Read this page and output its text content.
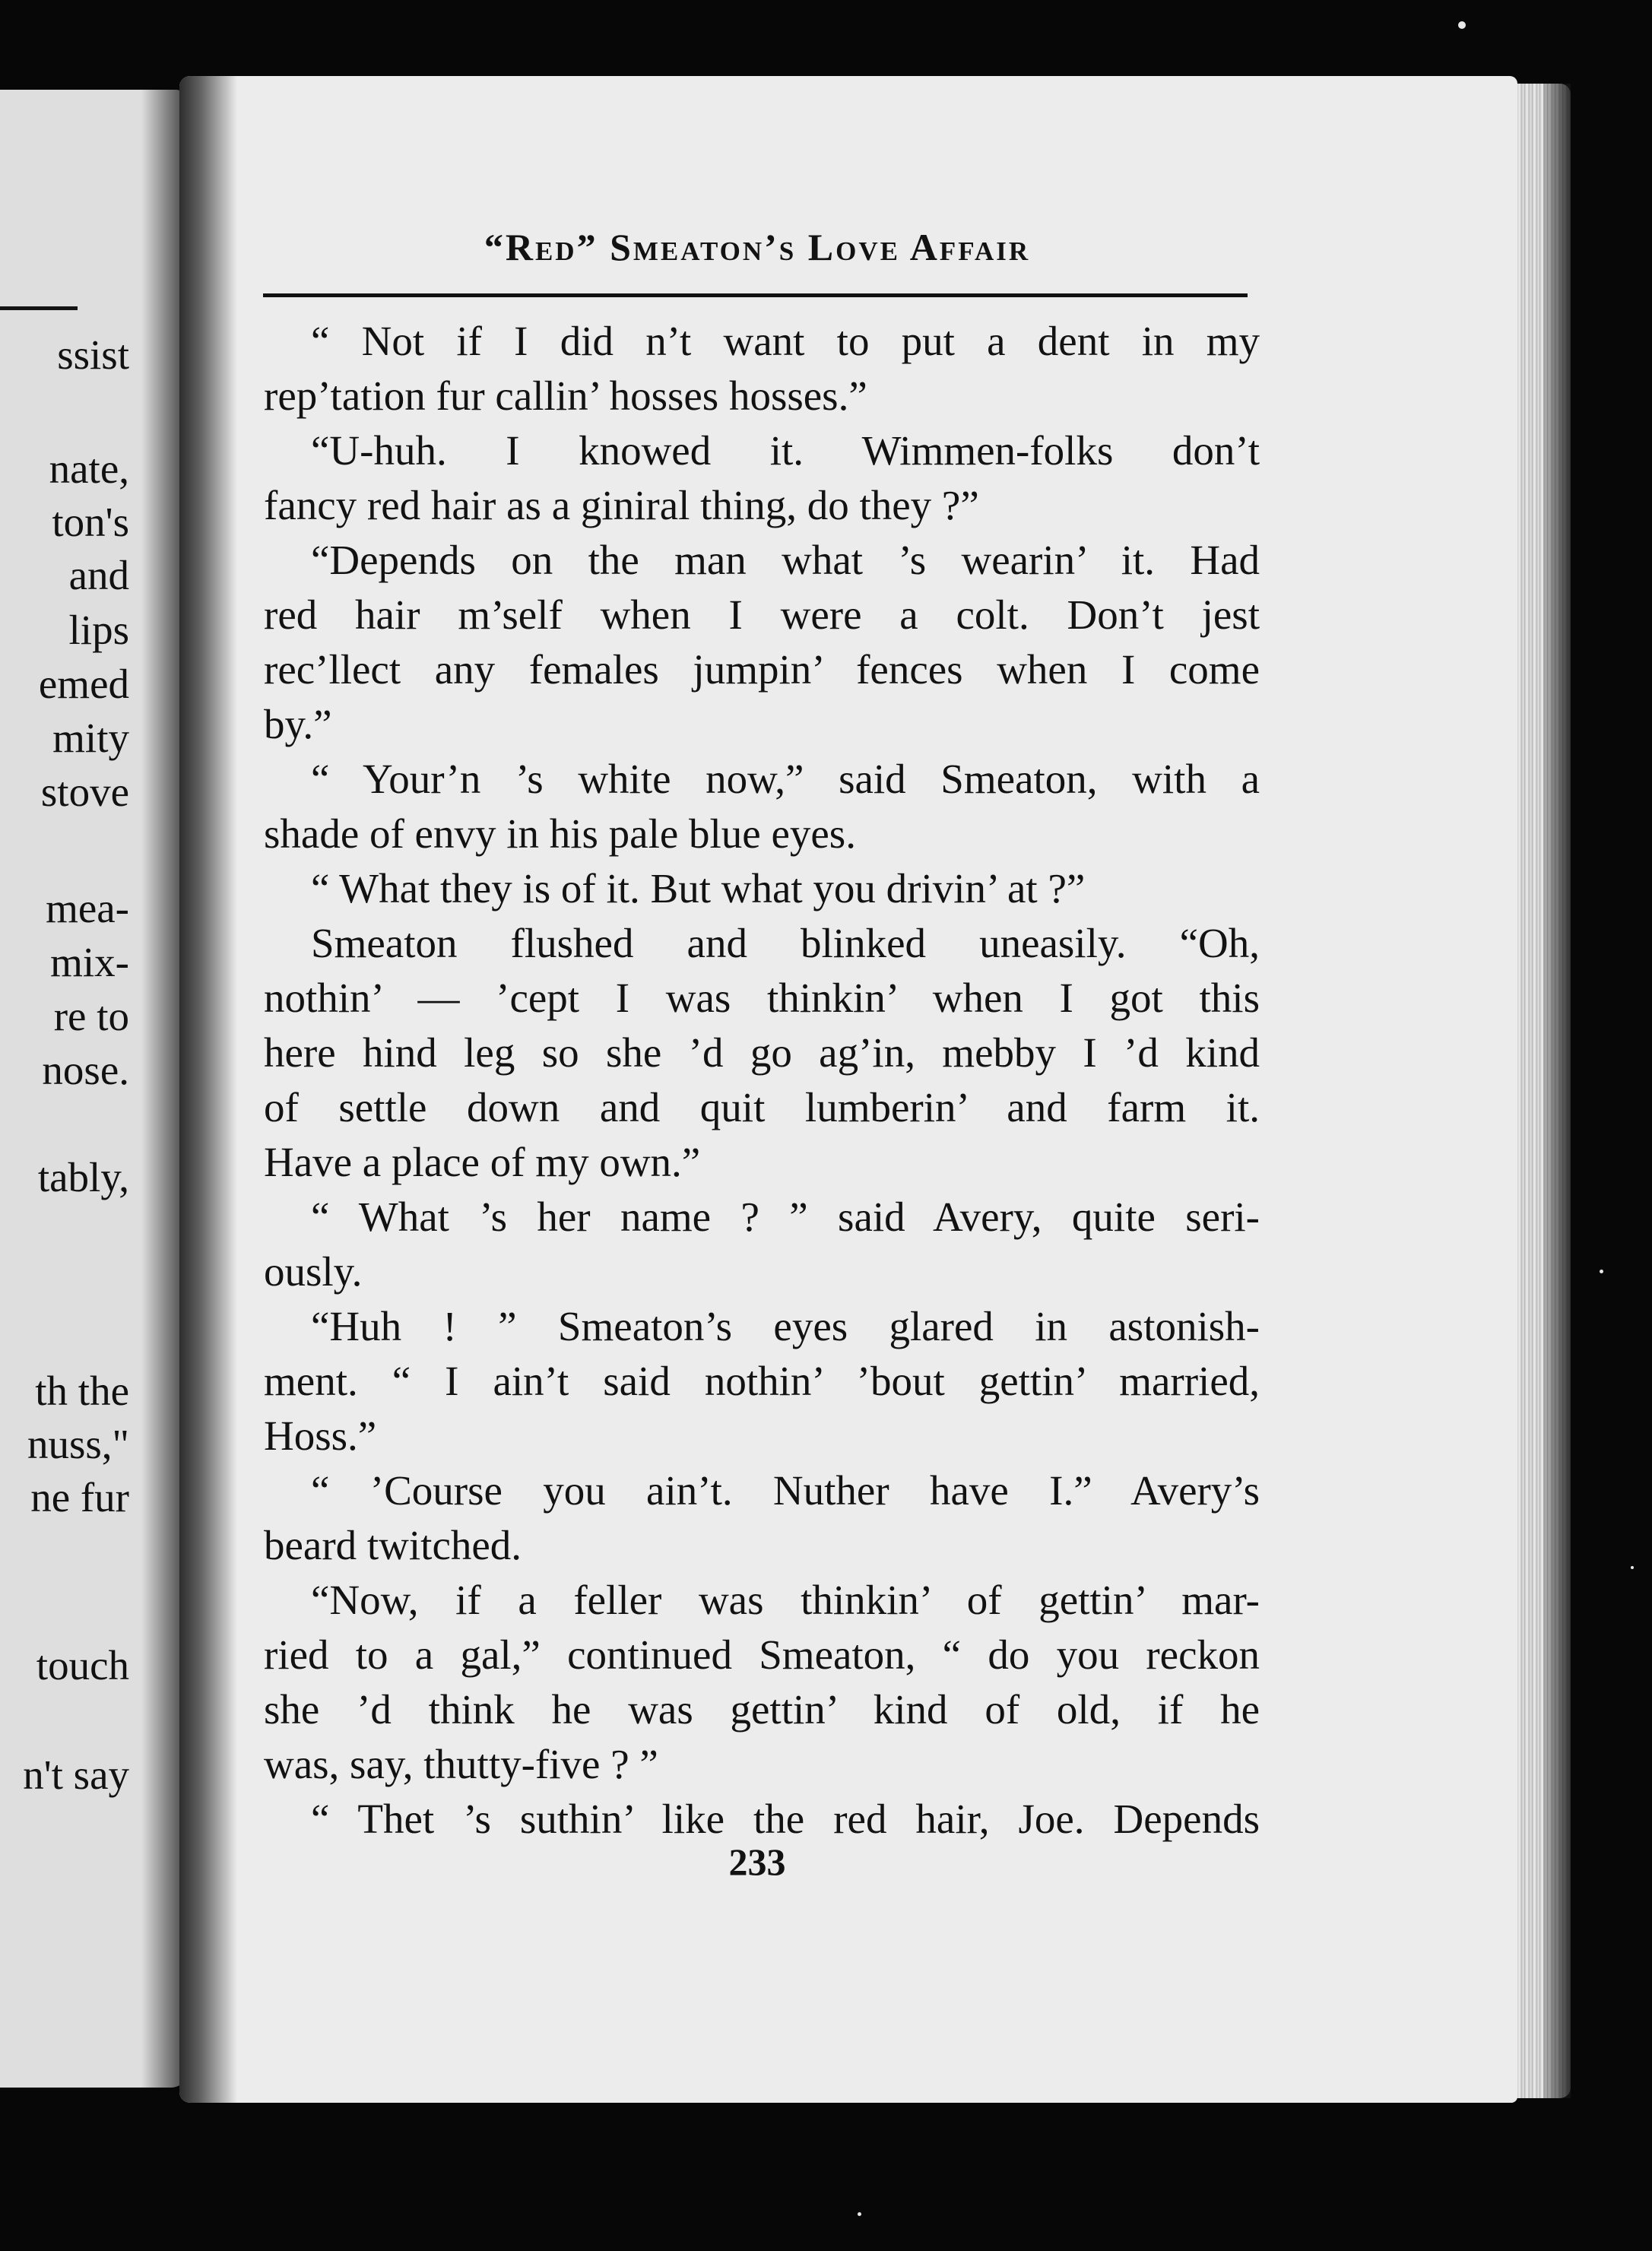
ssist
nate,
ton's
and
lips
emed
mity
stove
mea-
mix-
re to
nose.
tably,
th the
nuss,"
ne fur
touch
n't say
“Red” Smeaton’s Love Affair
“ Not if I did n’t want to put a dent in my
rep’tation fur callin’ hosses hosses.”
“U-huh. I knowed it. Wimmen-folks don’t
fancy red hair as a giniral thing, do they ?”
“Depends on the man what ’s wearin’ it. Had
red hair m’self when I were a colt. Don’t jest
rec’llect any females jumpin’ fences when I come
by.”
“ Your’n ’s white now,” said Smeaton, with a
shade of envy in his pale blue eyes.
“ What they is of it. But what you drivin’ at ?”
Smeaton flushed and blinked uneasily. “Oh,
nothin’ — ’cept I was thinkin’ when I got this
here hind leg so she ’d go ag’in, mebby I ’d kind
of settle down and quit lumberin’ and farm it.
Have a place of my own.”
“ What ’s her name ? ” said Avery, quite seri-
ously.
“Huh ! ” Smeaton’s eyes glared in astonish-
ment. “ I ain’t said nothin’ ’bout gettin’ married,
Hoss.”
“ ’Course you ain’t. Nuther have I.” Avery’s
beard twitched.
“Now, if a feller was thinkin’ of gettin’ mar-
ried to a gal,” continued Smeaton, “ do you reckon
she ’d think he was gettin’ kind of old, if he
was, say, thutty-five ? ”
“ Thet ’s suthin’ like the red hair, Joe. Depends
233
